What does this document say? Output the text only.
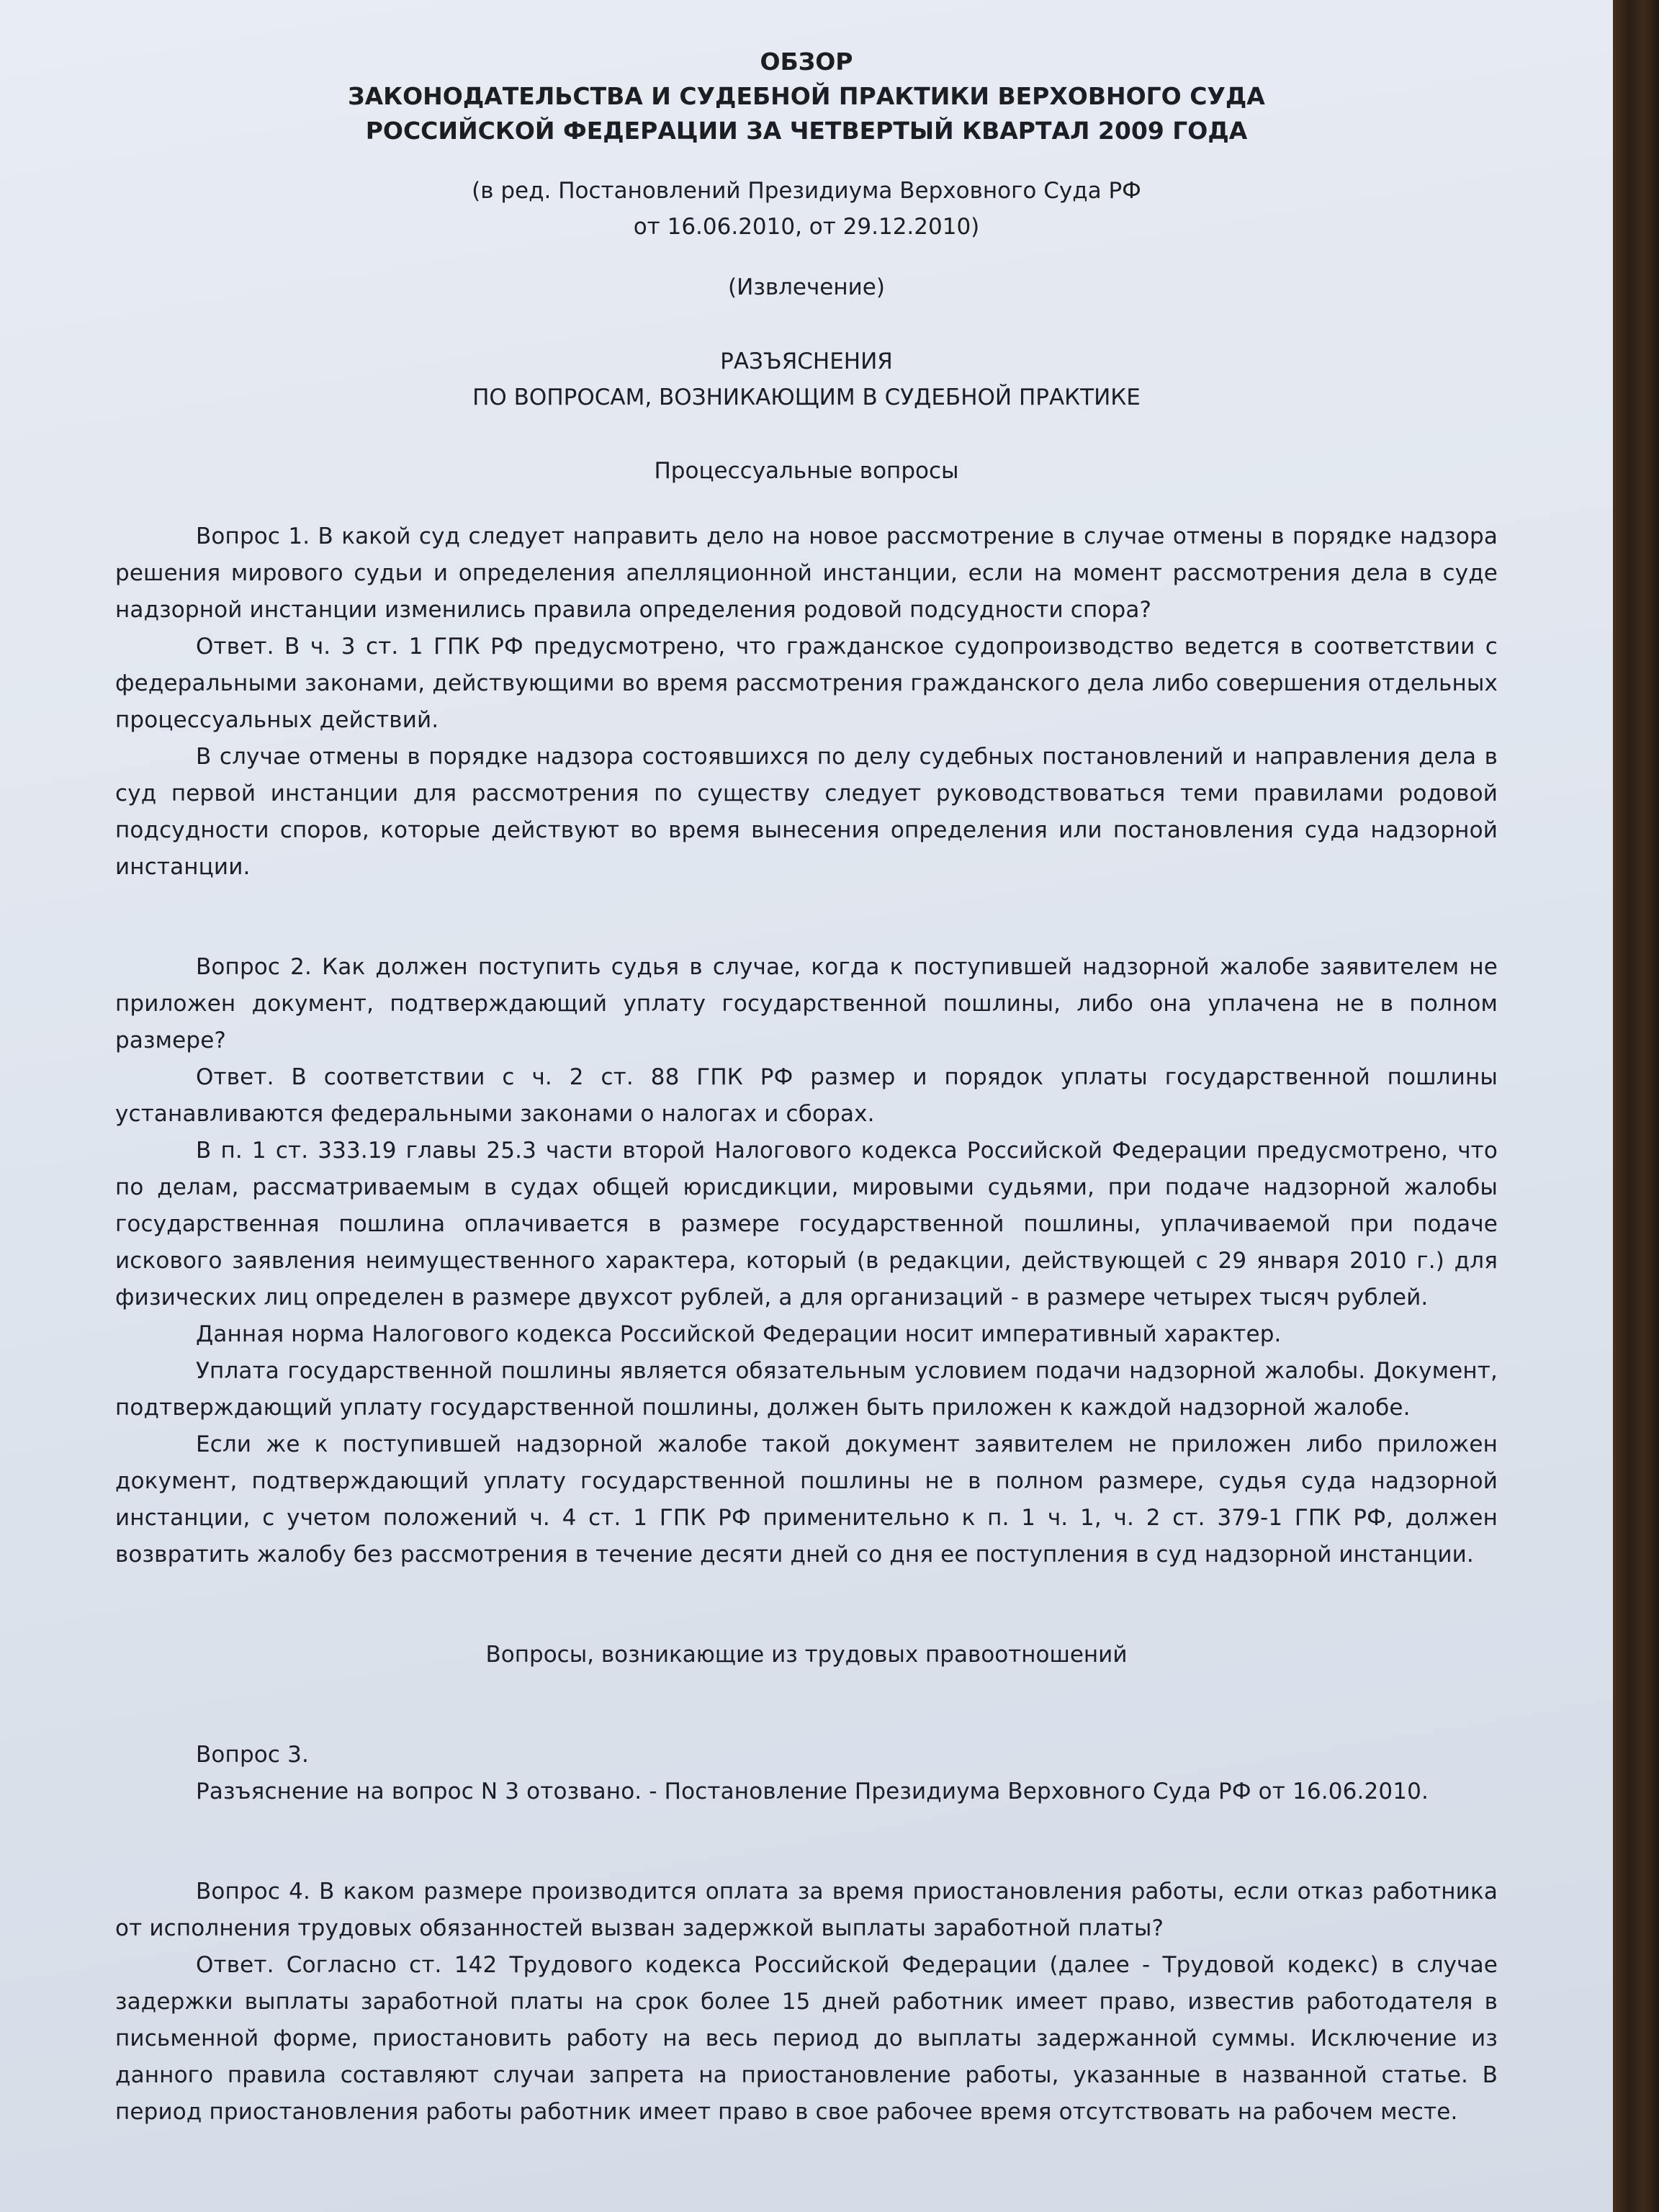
ОБЗОР
ЗАКОНОДАТЕЛЬСТВА И СУДЕБНОЙ ПРАКТИКИ ВЕРХОВНОГО СУДА
РОССИЙСКОЙ ФЕДЕРАЦИИ ЗА ЧЕТВЕРТЫЙ КВАРТАЛ 2009 ГОДА
(в ред. Постановлений Президиума Верховного Суда РФ
от 16.06.2010, от 29.12.2010)
(Извлечение)
РАЗЪЯСНЕНИЯ
ПО ВОПРОСАМ, ВОЗНИКАЮЩИМ В СУДЕБНОЙ ПРАКТИКЕ
Процессуальные вопросы

Вопрос 1. В какой суд следует направить дело на новое рассмотрение в случае отмены в порядке надзора решения мирового судьи и определения апелляционной инстанции, если на момент рассмотрения дела в суде надзорной инстанции изменились правила определения родовой подсудности спора?

Ответ. В ч. 3 ст. 1 ГПК РФ предусмотрено, что гражданское судопроизводство ведется в соответствии с федеральными законами, действующими во время рассмотрения гражданского дела либо совершения отдельных процессуальных действий.

В случае отмены в порядке надзора состоявшихся по делу судебных постановлений и направления дела в суд первой инстанции для рассмотрения по существу следует руководствоваться теми правилами родовой подсудности споров, которые действуют во время вынесения определения или постановления суда надзорной инстанции.

Вопрос 2. Как должен поступить судья в случае, когда к поступившей надзорной жалобе заявителем не приложен документ, подтверждающий уплату государственной пошлины, либо она уплачена не в полном размере?

Ответ. В соответствии с ч. 2 ст. 88 ГПК РФ размер и порядок уплаты государственной пошлины устанавливаются федеральными законами о налогах и сборах.

В п. 1 ст. 333.19 главы 25.3 части второй Налогового кодекса Российской Федерации предусмотрено, что по делам, рассматриваемым в судах общей юрисдикции, мировыми судьями, при подаче надзорной жалобы государственная пошлина оплачивается в размере государственной пошлины, уплачиваемой при подаче искового заявления неимущественного характера, который (в редакции, действующей с 29 января 2010 г.) для физических лиц определен в размере двухсот рублей, а для организаций - в размере четырех тысяч рублей.

Данная норма Налогового кодекса Российской Федерации носит императивный характер.

Уплата государственной пошлины является обязательным условием подачи надзорной жалобы. Документ, подтверждающий уплату государственной пошлины, должен быть приложен к каждой надзорной жалобе.

Если же к поступившей надзорной жалобе такой документ заявителем не приложен либо приложен документ, подтверждающий уплату государственной пошлины не в полном размере, судья суда надзорной инстанции, с учетом положений ч. 4 ст. 1 ГПК РФ применительно к п. 1 ч. 1, ч. 2 ст. 379-1 ГПК РФ, должен возвратить жалобу без рассмотрения в течение десяти дней со дня ее поступления в суд надзорной инстанции.

Вопросы, возникающие из трудовых правоотношений

Вопрос 3.

Разъяснение на вопрос N 3 отозвано. - Постановление Президиума Верховного Суда РФ от 16.06.2010.

Вопрос 4. В каком размере производится оплата за время приостановления работы, если отказ работника от исполнения трудовых обязанностей вызван задержкой выплаты заработной платы?

Ответ. Согласно ст. 142 Трудового кодекса Российской Федерации (далее - Трудовой кодекс) в случае задержки выплаты заработной платы на срок более 15 дней работник имеет право, известив работодателя в письменной форме, приостановить работу на весь период до выплаты задержанной суммы. Исключение из данного правила составляют случаи запрета на приостановление работы, указанные в названной статье. В период приостановления работы работник имеет право в свое рабочее время отсутствовать на рабочем месте.
